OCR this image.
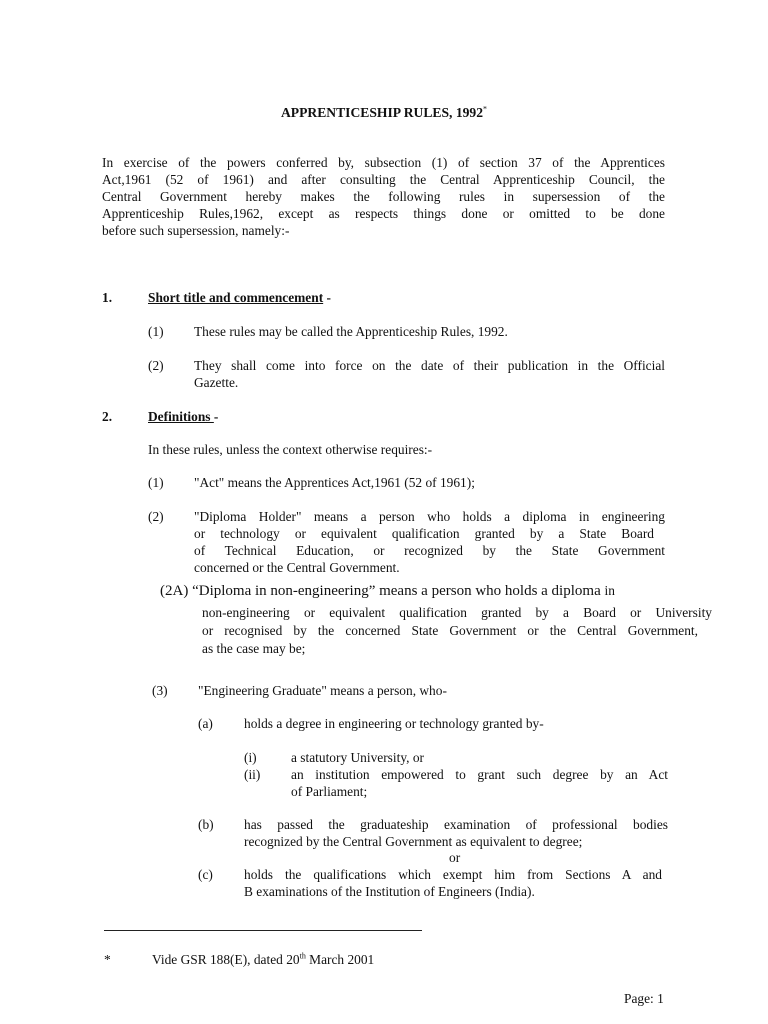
APPRENTICESHIP RULES, 1992*
In exercise of the powers conferred by, subsection (1) of section 37 of the Apprentices
Act,1961 (52 of 1961) and after consulting the Central Apprenticeship Council, the
Central Government hereby makes the following rules in supersession of the
Apprenticeship Rules,1962, except as respects things done or omitted to be done
before such supersession, namely:-
1.	Short title and commencement -
(1) These rules may be called the Apprenticeship Rules, 1992.
(2) They shall come into force on the date of their publication in the Official
Gazette.
2.	Definitions -
In these rules, unless the context otherwise requires:-
(1) "Act" means the Apprentices Act,1961 (52 of 1961);
(2) "Diploma Holder" means a person who holds a diploma in engineering
or technology or equivalent qualification granted by a State Board
of Technical Education, or recognized by the State Government
concerned or the Central Government.
(2A) “Diploma in non-engineering” means a person who holds a diploma in
non-engineering or equivalent qualification granted by a Board or University
or recognised by the concerned State Government or the Central Government,
as the case may be;
(3) "Engineering Graduate" means a person, who-
(a) holds a degree in engineering or technology granted by-
(i)	a statutory University, or
(ii) an institution empowered to grant such degree by an Act
of Parliament;
(b) has passed the graduateship examination of professional bodies
recognized by the Central Government as equivalent to degree;
or
(c) holds the qualifications which exempt him from Sections A and
B examinations of the Institution of Engineers (India).
*	Vide GSR 188(E), dated 20th March 2001
Page: 1
